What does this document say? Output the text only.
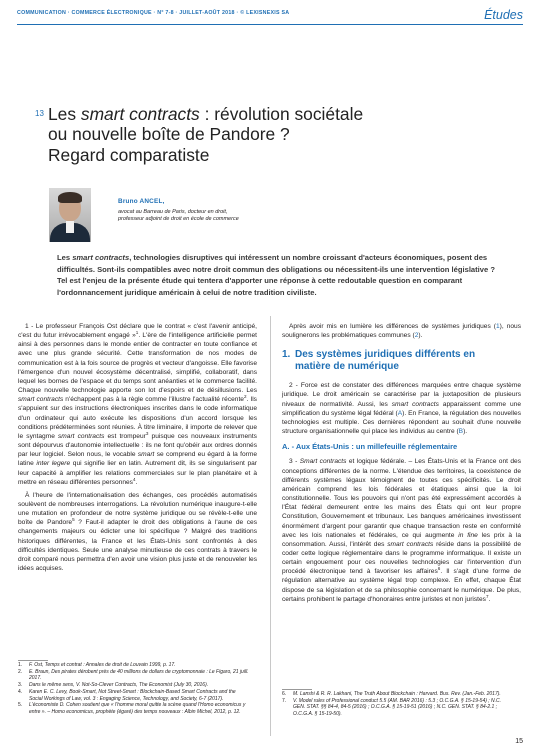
COMMUNICATION · COMMERCE ÉLECTRONIQUE · N° 7-8 · JUILLET-AOÛT 2018 · © LEXISNEXIS SA	Études
13 Les smart contracts : révolution sociétale
ou nouvelle boîte de Pandore ?
Regard comparatiste
Bruno ANCEL,
avocat au Barreau de Paris, docteur en droit,
professeur adjoint de droit en école de commerce
Les smart contracts, technologies disruptives qui intéressent un nombre croissant d'acteurs économiques, posent des difficultés. Sont-ils compatibles avec notre droit commun des obligations ou nécessitent-ils une intervention législative ? Tel est l'enjeu de la présente étude qui tentera d'apporter une réponse à cette redoutable question en comparant l'ordonnancement juridique américain à celui de notre tradition civiliste.

1 - Le professeur François Ost déclare que le contrat « c'est l'avenir anticipé, c'est du futur irrévocablement engagé »$^1$. L'ère de l'intelligence artificielle permet ainsi à des personnes dans le monde entier de contracter en toute confiance et avec une plus grande sécurité. Cette transformation de nos modes de communication est à la fois source de progrès et vecteur d'angoisse. Elle favorise l'émergence d'un nouvel écosystème décentralisé, simplifié, collaboratif, dans lequel les bornes de l'espace et du temps sont anéanties et le commerce facilité. Chaque nouvelle technologie apporte son lot d'espoirs et de désillusions. Les smart contracts n'échappent pas à la règle comme l'illustre l'actualité récente$^2$. Ils s'appuient sur des instructions électroniques inscrites dans le code informatique d'un ordinateur qui auto exécute les dispositions d'un accord lorsque les conditions prédéterminées sont réunies. À titre liminaire, il importe de relever que le syntagme smart contracts est trompeur$^3$ puisque ces nouveaux instruments sont dépourvus d'autonomie intellectuelle : ils ne font qu'obéir aux ordres donnés par leur logiciel. Selon nous, le vocable smart se comprend eu égard à la forme latine inter legere qui signifie lier en latin. Autrement dit, ils se singularisent par leur capacité à amplifier les relations commerciales sur le plan planétaire et à mettre en réseau différentes personnes$^4$.

À l'heure de l'internationalisation des échanges, ces procédés automatisés soulèvent de nombreuses interrogations. La révolution numérique inaugure-t-elle une mutation en profondeur de notre système juridique ou se révèle-t-elle une boîte de Pandore$^5$ ? Faut-il adapter le droit des obligations à l'aune de ces changements majeurs ou édicter une loi spécifique ? Malgré des traditions historiques différentes, la France et les États-Unis sont confrontés à des difficultés identiques. Seule une analyse minutieuse de ces contrats à travers le droit comparé nous permettra d'en avoir une vision plus juste et de renouveler les idées acquises.

Après avoir mis en lumière les différences de systèmes juridiques (1), nous soulignerons les problématiques communes (2).

1. Des systèmes juridiques différents en
matière de numérique

2 - Force est de constater des différences marquées entre chaque système juridique. Le droit américain se caractérise par la juxtaposition de plusieurs niveaux de normativité. Aussi, les smart contracts apparaissent comme une simplification du système légal fédéral (A). En France, la régulation des nouvelles technologies est multiple. Ces dernières répondent au souhait d'une nouvelle structure organisationnelle qui place les individus au centre (B).

A. - Aux États-Unis : un millefeuille réglementaire

3 - Smart contracts et logique fédérale. – Les États-Unis et la France ont des conceptions différentes de la norme. L'étendue des territoires, la coexistence de différents systèmes légaux témoignent de toutes ces spécificités. Le droit américain comprend les lois fédérales et étatiques ainsi que la loi constitutionnelle. Tous les pouvoirs qui n'ont pas été expressément accordés à l'État fédéral demeurent entre les mains des États qui ont leur propre Constitution, Gouvernement et tribunaux. Les banques américaines investissent énormément d'argent pour garantir que chaque transaction reste en conformité avec les lois nationales et fédérales, ce qui augmente in fine les prix à la consommation. Aussi, l'intérêt des smart contracts réside dans la possibilité de coder cette logique réglementaire dans le programme informatique. Il existe un certain engouement pour ces nouvelles technologies car l'intervention d'un procédé électronique tend à favoriser les affaires$^6$. Il s'agit d'une forme de régulation alternative au système légal trop complexe. En effet, chaque État dispose de sa législation et de sa philosophie concernant le numérique. De plus, certains prohibent le partage d'honoraires entre juristes et non juristes$^7$.

1.	F. Ost, Temps et contrat : Annales de droit de Louvain 1999, p. 17.
2.	E. Braun, Des pirates dérobent près de 40 millions de dollars de cryptomonnaie : Le Figaro, 21 juill. 2017.
3.	Dans le même sens, V. Not-So-Clever Contracts, The Economist (July 30, 2016).
4.	Karen E. C. Levy, Book-Smart, Not Street-Smart : Blockchain-Based Smart Contracts and the Social Workings of Law, vol. 3 : Engaging Science, Technology, and Society, 6-7 (2017).
5.	L'économiste D. Cohen soutient que « l'homme moral quitte la scène quand l'Homo economicus y entre ». – Homo economicus, prophète (égaré) des temps nouveaux : Albin Michel, 2012, p. 12.
6.	M. Lanshi & R. R. Lakhani, The Truth About Blockchain : Harvard. Bus. Rev. (Jan.-Feb. 2017).
7.	V. Model rules of Professional conduct 5.5 (AM. BAR 2016) : 5.3 ; O.C.G.A. § 15-19-54) ; N.C. GEN. STAT. §§ 84-4, 84-5 (2016) ; O.C.G.A. § 15-19-51 (2016) ; N.C. GEN. STAT. § 84-2.1 ; O.C.G.A. § 15-19-50).
15
